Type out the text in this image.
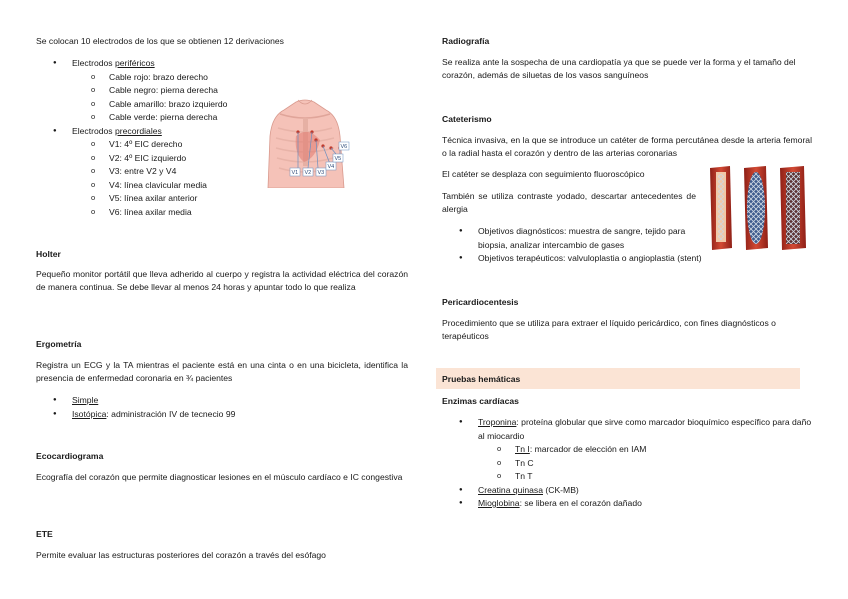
Se colocan 10 electrodos de los que se obtienen 12 derivaciones

● Electrodos periféricos
o Cable rojo: brazo derecho
o Cable negro: pierna derecha
o Cable amarillo: brazo izquierdo
o Cable verde: pierna derecha
● Electrodos precordiales
o V1: 4º EIC derecho
o V2: 4º EIC izquierdo
o V3: entre V2 y V4
o V4: línea clavicular media
o V5: línea axilar anterior
o V6: línea axilar media
V1 V2 V3
V4
V5
V6
Holter

Pequeño monitor portátil que lleva adherido al cuerpo y registra la actividad eléctrica del corazón de manera continua. Se debe llevar al menos 24 horas y apuntar todo lo que realiza

Ergometría

Registra un ECG y la TA mientras el paciente está en una cinta o en una bicicleta, identifica la presencia de enfermedad coronaria en ¾ pacientes

● Simple
● Isotópica: administración IV de tecnecio 99
Ecocardiograma

Ecografía del corazón que permite diagnosticar lesiones en el músculo cardíaco e IC congestiva

ETE

Permite evaluar las estructuras posteriores del corazón a través del esófago

Radiografía

Se realiza ante la sospecha de una cardiopatía ya que se puede ver la forma y el tamaño del corazón, además de siluetas de los vasos sanguíneos

Cateterismo

Técnica invasiva, en la que se introduce un catéter de forma percutánea desde la arteria femoral o la radial hasta el corazón y dentro de las arterias coronarias

El catéter se desplaza con seguimiento fluoroscópico

También se utiliza contraste yodado, descartar antecedentes de alergia

● Objetivos diagnósticos: muestra de sangre, tejido para biopsia, analizar intercambio de gases
● Objetivos terapéuticos: valvuloplastia o angioplastia (stent)
Pericardiocentesis

Procedimiento que se utiliza para extraer el líquido pericárdico, con fines diagnósticos o terapéuticos

Pruebas hemáticas
Enzimas cardíacas
● Troponina: proteína globular que sirve como marcador bioquímico específico para daño al miocardio
o Tn I: marcador de elección en IAM
o Tn C
o Tn T
● Creatina quinasa (CK-MB)
● Mioglobina: se libera en el corazón dañado
